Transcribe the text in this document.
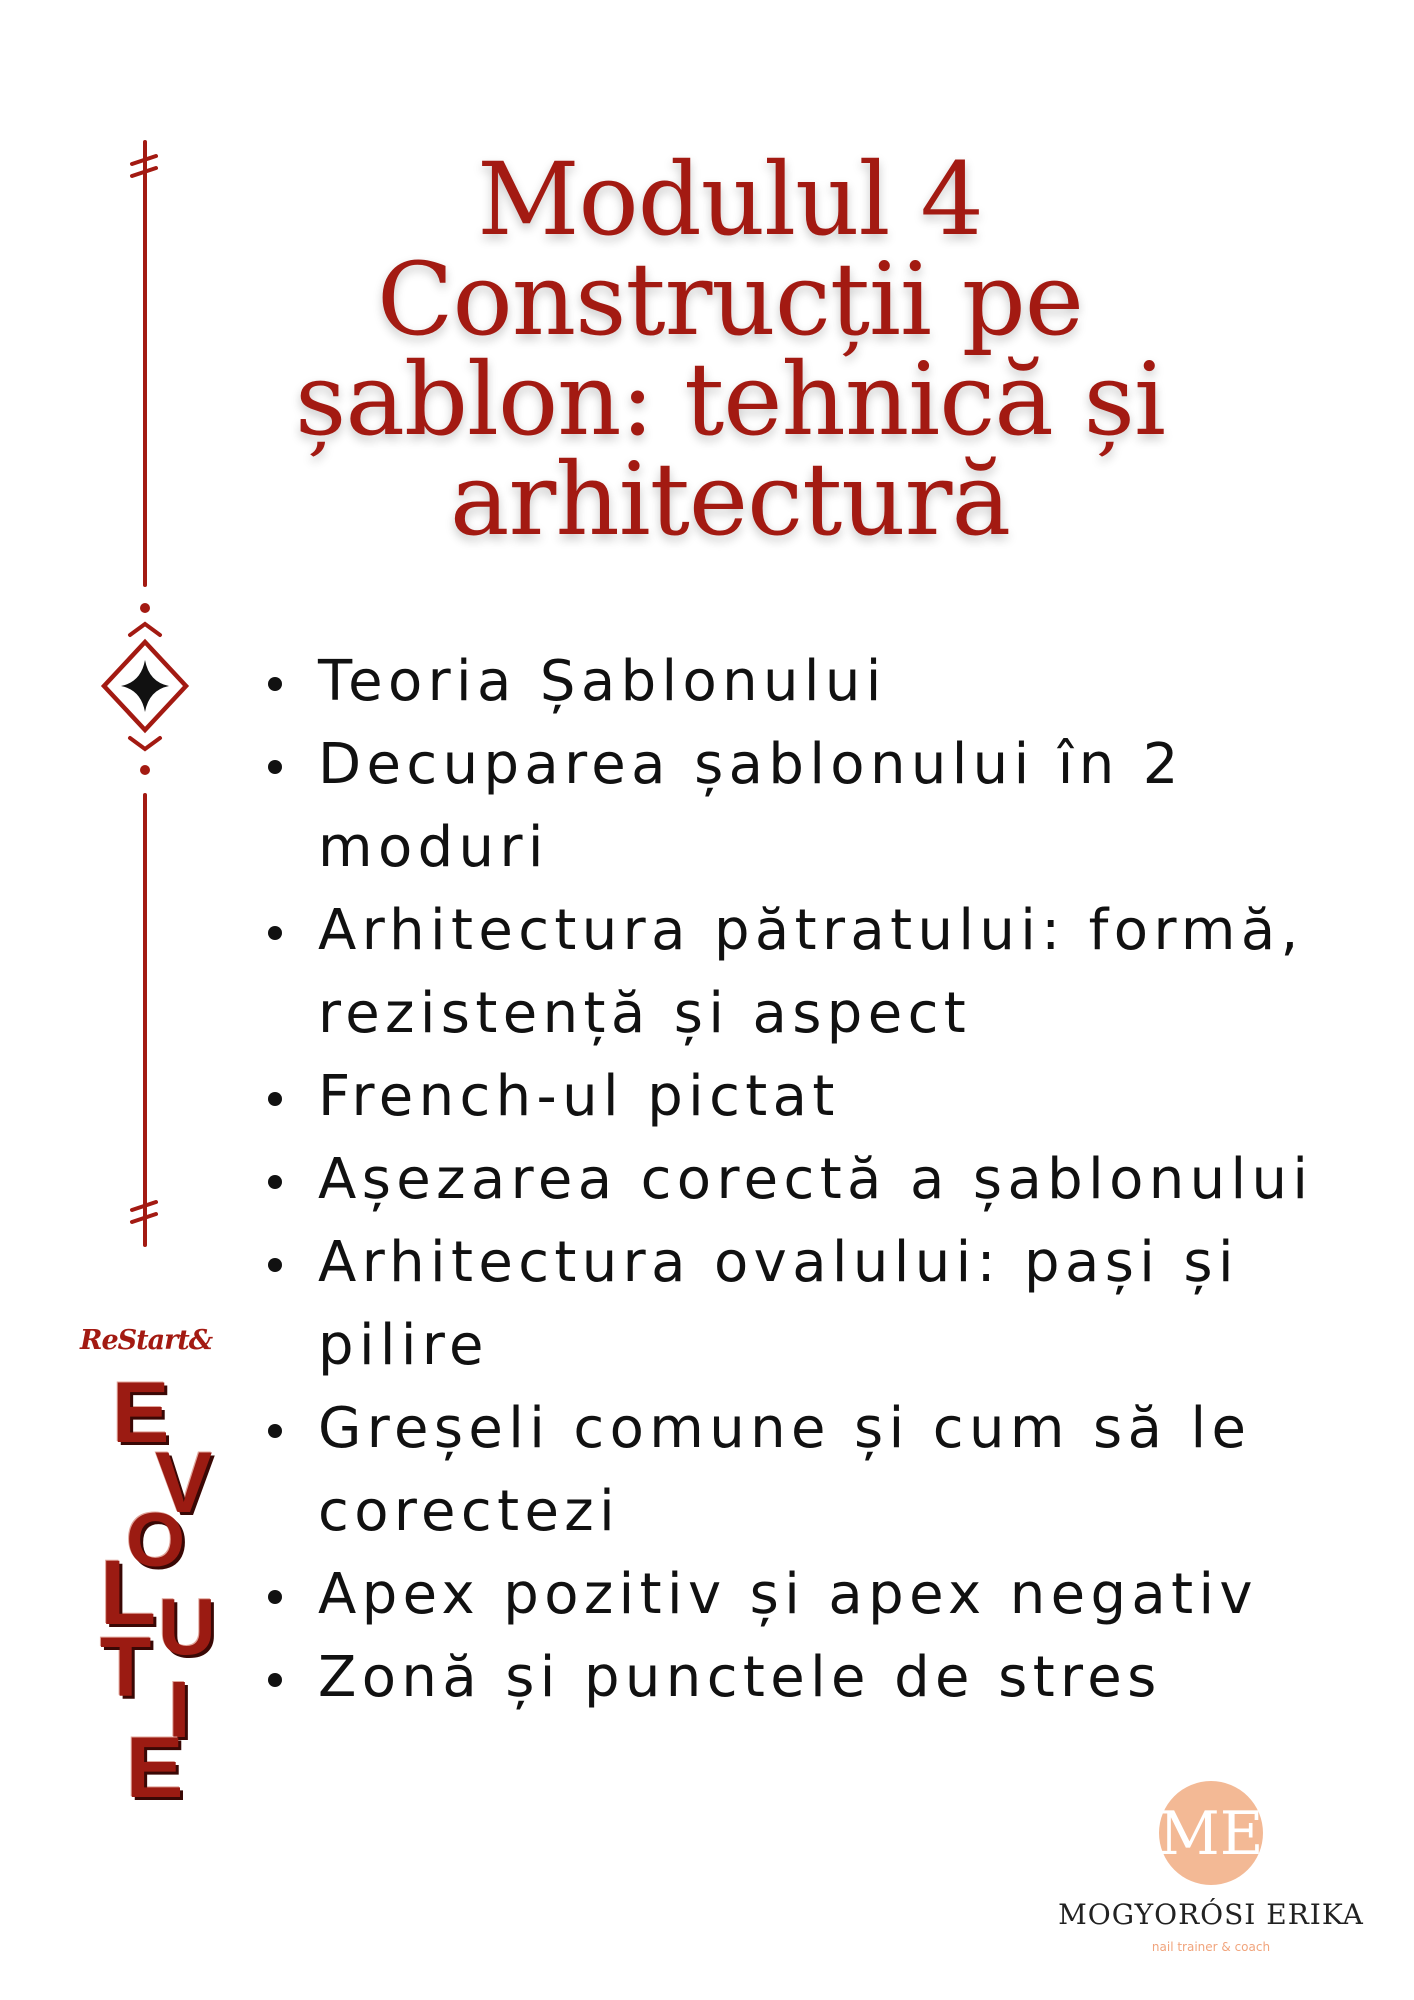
Modulul 4
Construcții pe
șablon: tehnică și
arhitectură
Teoria Șablonului
Decuparea șablonului în 2 moduri
Arhitectura pătratului: formă, rezistență și aspect
French-ul pictat
Așezarea corectă a șablonului
Arhitectura ovalului: pași și pilire
Greșeli comune și cum să le corectezi
Apex pozitiv și apex negativ
Zonă și punctele de stres
ReStart&
E
V
O
L U
T I
E
ME
MOGYORÓSI ERIKA
nail trainer & coach
